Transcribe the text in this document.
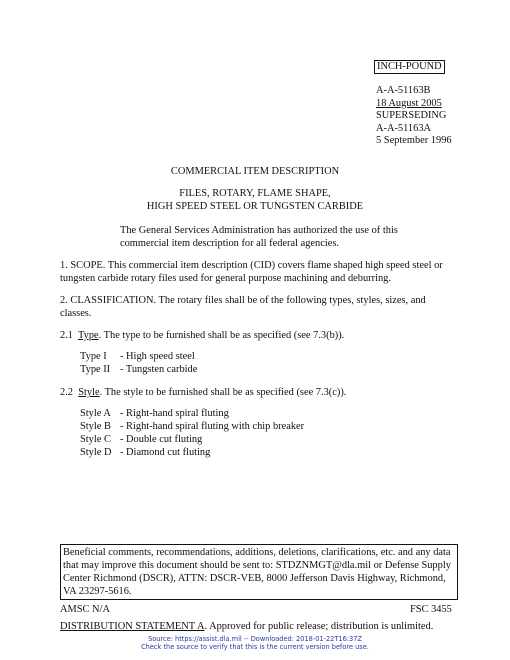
INCH-POUND
A-A-51163B
18 August 2005
SUPERSEDING
A-A-51163A
5 September 1996
COMMERCIAL ITEM DESCRIPTION
FILES, ROTARY, FLAME SHAPE,
HIGH SPEED STEEL OR TUNGSTEN CARBIDE
The General Services Administration has authorized the use of this
commercial item description for all federal agencies.
1. SCOPE. This commercial item description (CID) covers flame shaped high speed steel or
tungsten carbide rotary files used for general purpose machining and deburring.
2. CLASSIFICATION. The rotary files shall be of the following types, styles, sizes, and
classes.
2.1 Type. The type to be furnished shall be as specified (see 7.3(b)).
Type I	- High speed steel
Type II - Tungsten carbide
2.2 Style. The style to be furnished shall be as specified (see 7.3(c)).
Style A - Right-hand spiral fluting
Style B - Right-hand spiral fluting with chip breaker
Style C - Double cut fluting
Style D - Diamond cut fluting
Beneficial comments, recommendations, additions, deletions, clarifications, etc. and any data
that may improve this document should be sent to: STDZNMGT@dla.mil or Defense Supply
Center Richmond (DSCR), ATTN: DSCR-VEB, 8000 Jefferson Davis Highway, Richmond,
VA 23297-5616.
AMSC N/A	FSC 3455
DISTRIBUTION STATEMENT A. Approved for public release; distribution is unlimited.
Source: https://assist.dla.mil -- Downloaded: 2018-01-22T16:37Z
Check the source to verify that this is the current version before use.
